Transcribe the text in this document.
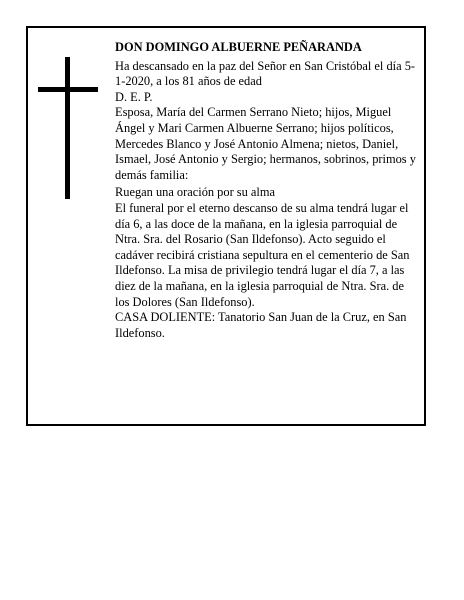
DON DOMINGO ALBUERNE PEÑARANDA

Ha descansado en la paz del Señor en San Cristóbal el día 5-1-2020, a los 81 años de edad

D. E. P.

Esposa, María del Carmen Serrano Nieto; hijos, Miguel Ángel y Mari Carmen Albuerne Serrano; hijos políticos, Mercedes Blanco y José Antonio Almena; nietos, Daniel, Ismael, José Antonio y Sergio; hermanos, sobrinos, primos y demás familia:

Ruegan una oración por su alma

El funeral por el eterno descanso de su alma tendrá lugar el día 6, a las doce de la mañana, en la iglesia parroquial de Ntra. Sra. del Rosario (San Ildefonso). Acto seguido el cadáver recibirá cristiana sepultura en el cementerio de San Ildefonso. La misa de privilegio tendrá lugar el día 7, a las diez de la mañana, en la iglesia parroquial de Ntra. Sra. de los Dolores (San Ildefonso).

CASA DOLIENTE: Tanatorio San Juan de la Cruz, en San Ildefonso.
